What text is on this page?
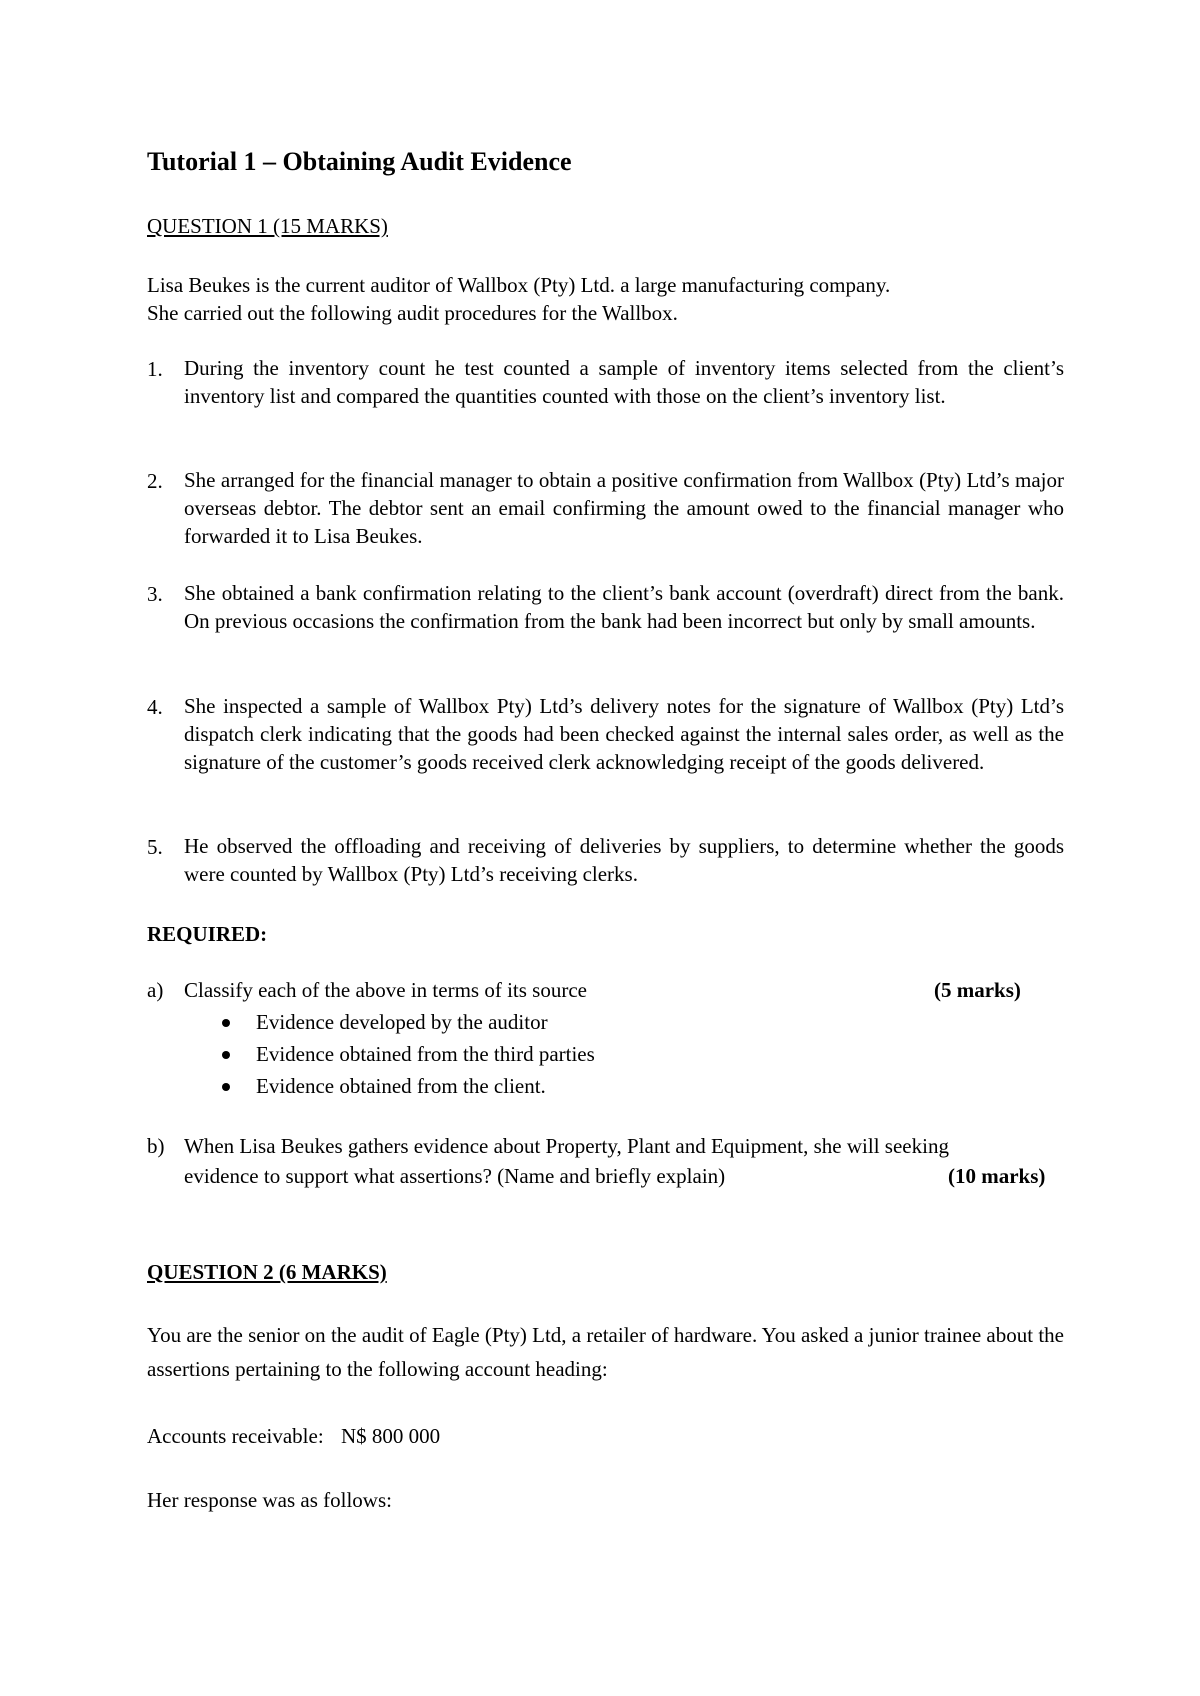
Tutorial 1 – Obtaining Audit Evidence
QUESTION 1 (15 MARKS)
Lisa Beukes is the current auditor of Wallbox (Pty) Ltd. a large manufacturing company.
She carried out the following audit procedures for the Wallbox.
1. During the inventory count he test counted a sample of inventory items selected from the client’s inventory list and compared the quantities counted with those on the client’s inventory list.
2. She arranged for the financial manager to obtain a positive confirmation from Wallbox (Pty) Ltd’s major overseas debtor. The debtor sent an email confirming the amount owed to the financial manager who forwarded it to Lisa Beukes.
3. She obtained a bank confirmation relating to the client’s bank account (overdraft) direct from the bank. On previous occasions the confirmation from the bank had been incorrect but only by small amounts.
4. She inspected a sample of Wallbox Pty) Ltd’s delivery notes for the signature of Wallbox (Pty) Ltd’s dispatch clerk indicating that the goods had been checked against the internal sales order, as well as the signature of the customer’s goods received clerk acknowledging receipt of the goods delivered.
5. He observed the offloading and receiving of deliveries by suppliers, to determine whether the goods were counted by Wallbox (Pty) Ltd’s receiving clerks.
REQUIRED:
a) Classify each of the above in terms of its source	(5 marks)
Evidence developed by the auditor
Evidence obtained from the third parties
Evidence obtained from the client.
b) When Lisa Beukes gathers evidence about Property, Plant and Equipment, she will seeking
evidence to support what assertions? (Name and briefly explain)	(10 marks)
QUESTION 2 (6 MARKS)
You are the senior on the audit of Eagle (Pty) Ltd, a retailer of hardware. You asked a junior trainee about the assertions pertaining to the following account heading:
Accounts receivable: N$ 800 000
Her response was as follows:
